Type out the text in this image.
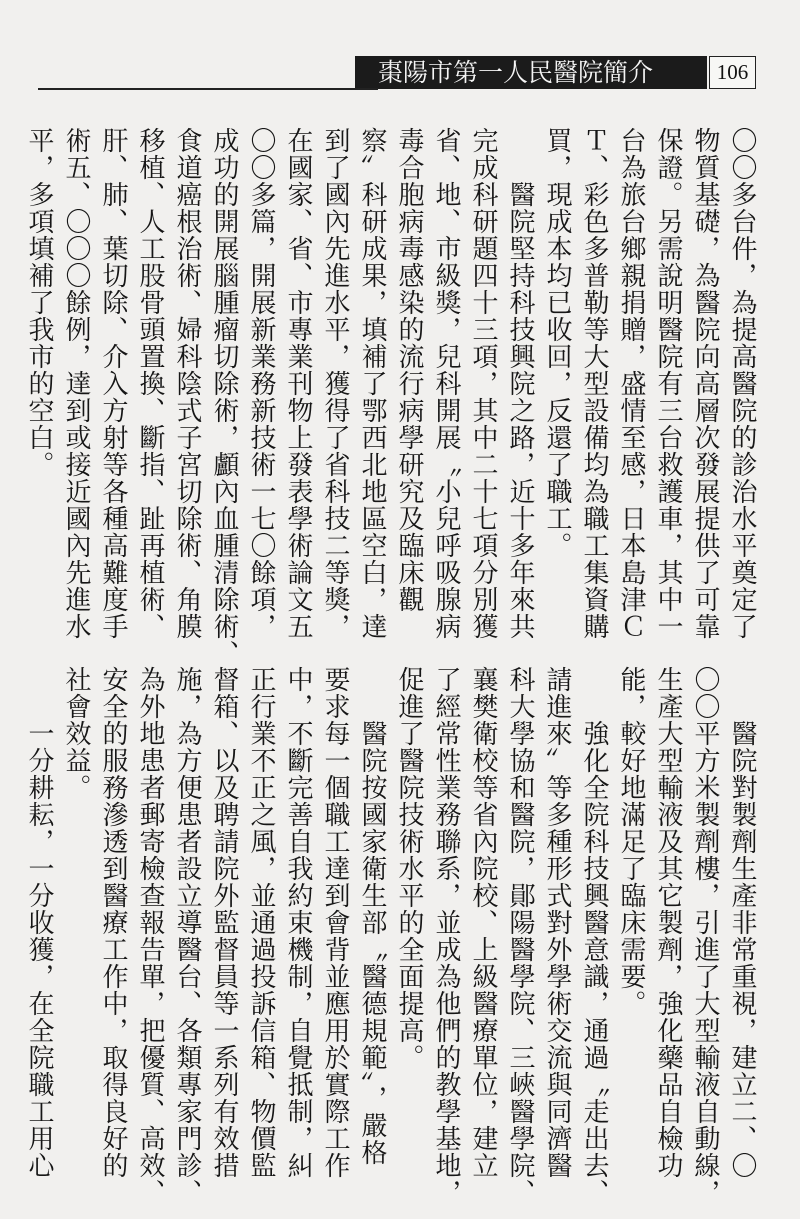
棗陽市第一人民醫院簡介	106
〇〇多台件，為提高醫院的診治水平奠定了
物質基礎，為醫院向高層次發展提供了可靠
保證。另需說明醫院有三台救護車，其中一
台為旅台鄉親捐贈，盛情至感，日本島津Ｃ
Ｔ、彩色多普勒等大型設備均為職工集資購
買，現成本均已收回，反還了職工。
醫院堅持科技興院之路，近十多年來共
完成科研題四十三項，其中二十七項分別獲
省、地、市級獎，兒科開展〝小兒呼吸腺病
毒合胞病毒感染的流行病學研究及臨床觀
察〞科研成果，填補了鄂西北地區空白，達
到了國內先進水平，獲得了省科技二等獎，
在國家、省、市專業刊物上發表學術論文五
〇〇多篇，開展新業務新技術一七〇餘項，
成功的開展腦腫瘤切除術，顱內血腫清除術、
食道癌根治術、婦科陰式子宮切除術、角膜
移植、人工股骨頭置換、斷指、趾再植術、
肝、肺、葉切除、介入方射等各種高難度手
術五、〇〇〇餘例，達到或接近國內先進水
平，多項填補了我市的空白。
醫院對製劑生產非常重視，建立二、〇
〇〇平方米製劑樓，引進了大型輸液自動線，
生產大型輸液及其它製劑，強化藥品自檢功
能，較好地滿足了臨床需要。
強化全院科技興醫意識，通過〝走出去、
請進來〞等多種形式對外學術交流與同濟醫
科大學協和醫院，鄖陽醫學院、三峽醫學院、
襄樊衛校等省內院校、上級醫療單位，建立
了經常性業務聯系，並成為他們的教學基地，
促進了醫院技術水平的全面提高。
醫院按國家衛生部〝醫德規範〞，嚴格
要求每一個職工達到會背並應用於實際工作
中，不斷完善自我約束機制，自覺抵制，糾
正行業不正之風，並通過投訴信箱、物價監
督箱、以及聘請院外監督員等一系列有效措
施，為方便患者設立導醫台、各類專家門診、
為外地患者郵寄檢查報告單，把優質、高效、
安全的服務滲透到醫療工作中，取得良好的
社會效益。
一分耕耘，一分收獲，在全院職工用心
